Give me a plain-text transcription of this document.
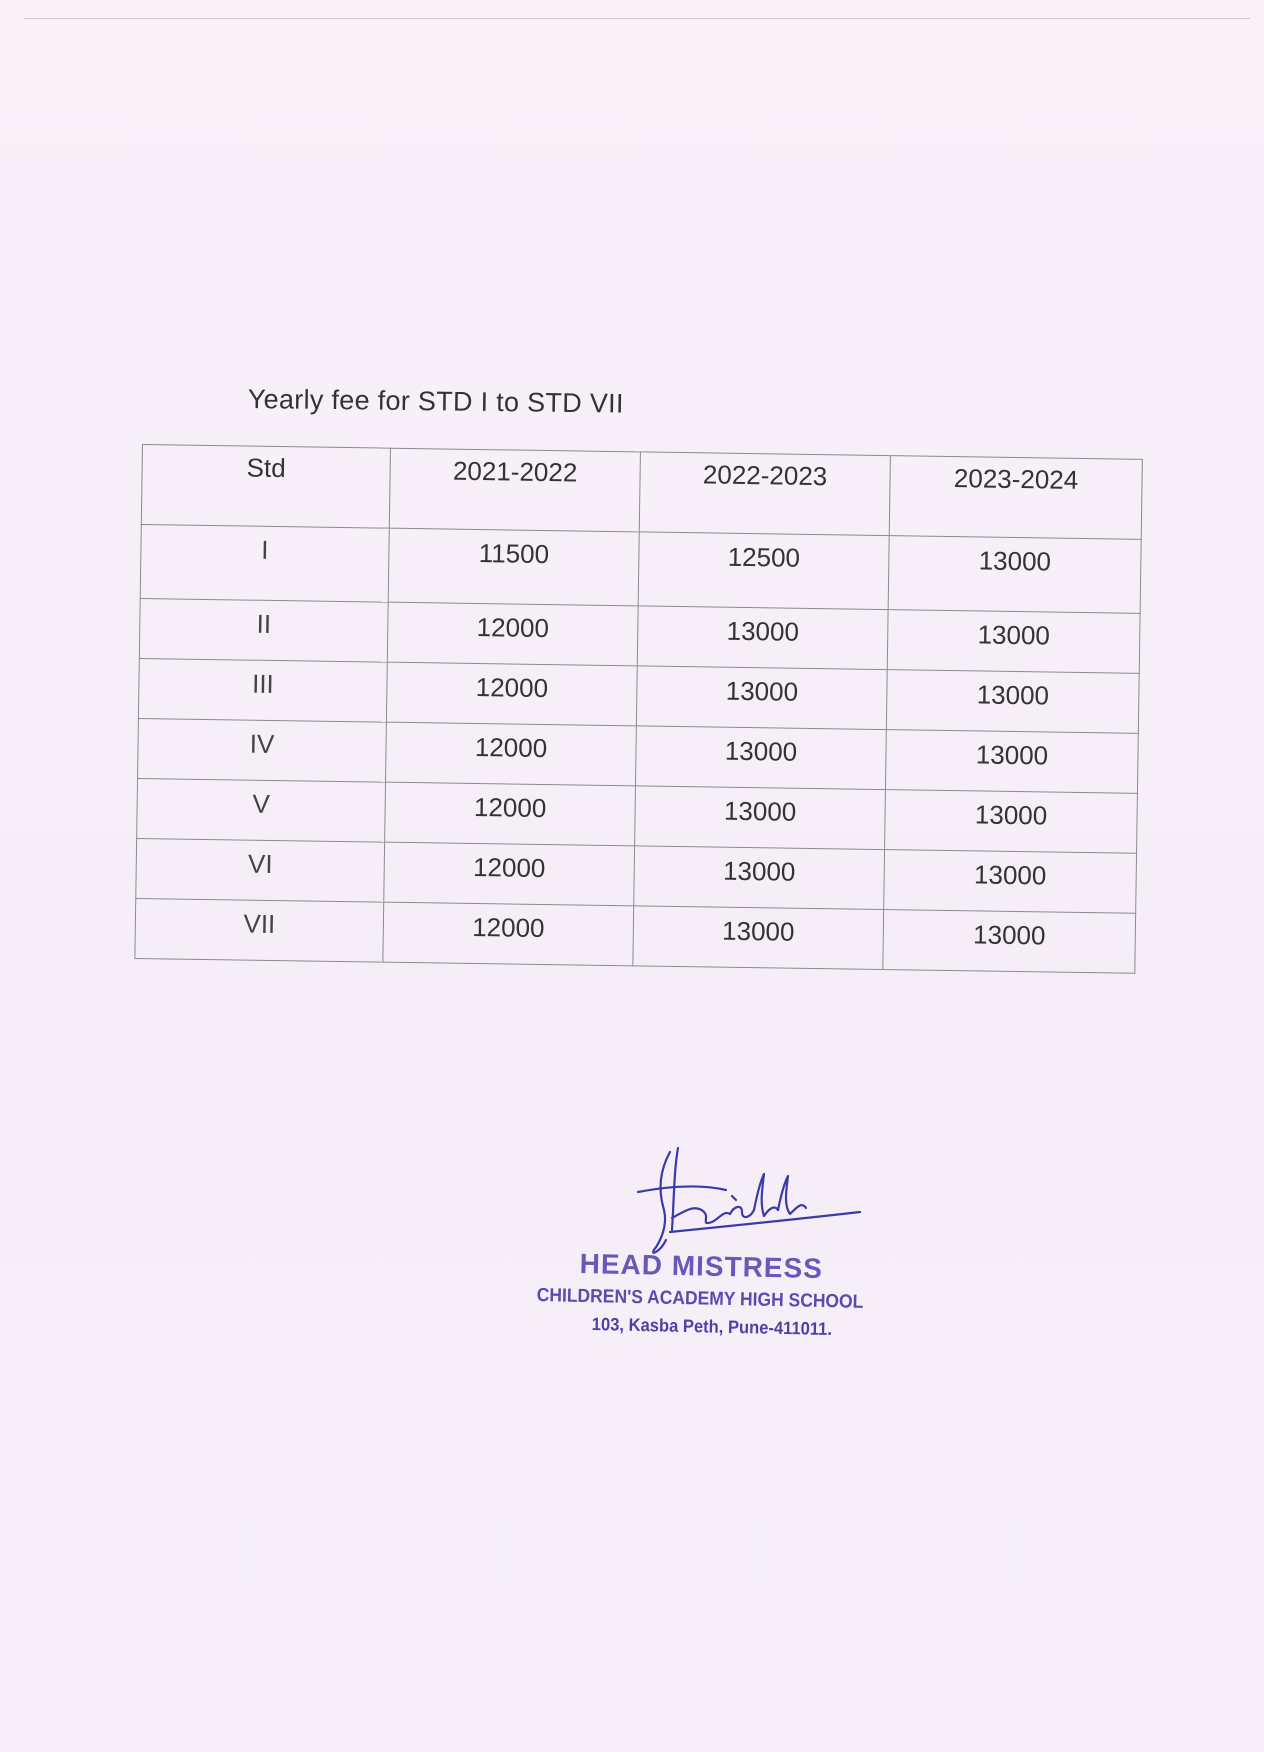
Yearly fee for STD I to STD VII
Std	2021-2022	2022-2023	2023-2024
I	11500	12500	13000
II	12000	13000	13000
III	12000	13000	13000
IV	12000	13000	13000
V	12000	13000	13000
VI	12000	13000	13000
VII	12000	13000	13000
HEAD MISTRESS
CHILDREN'S ACADEMY HIGH SCHOOL
103, Kasba Peth, Pune-411011.
